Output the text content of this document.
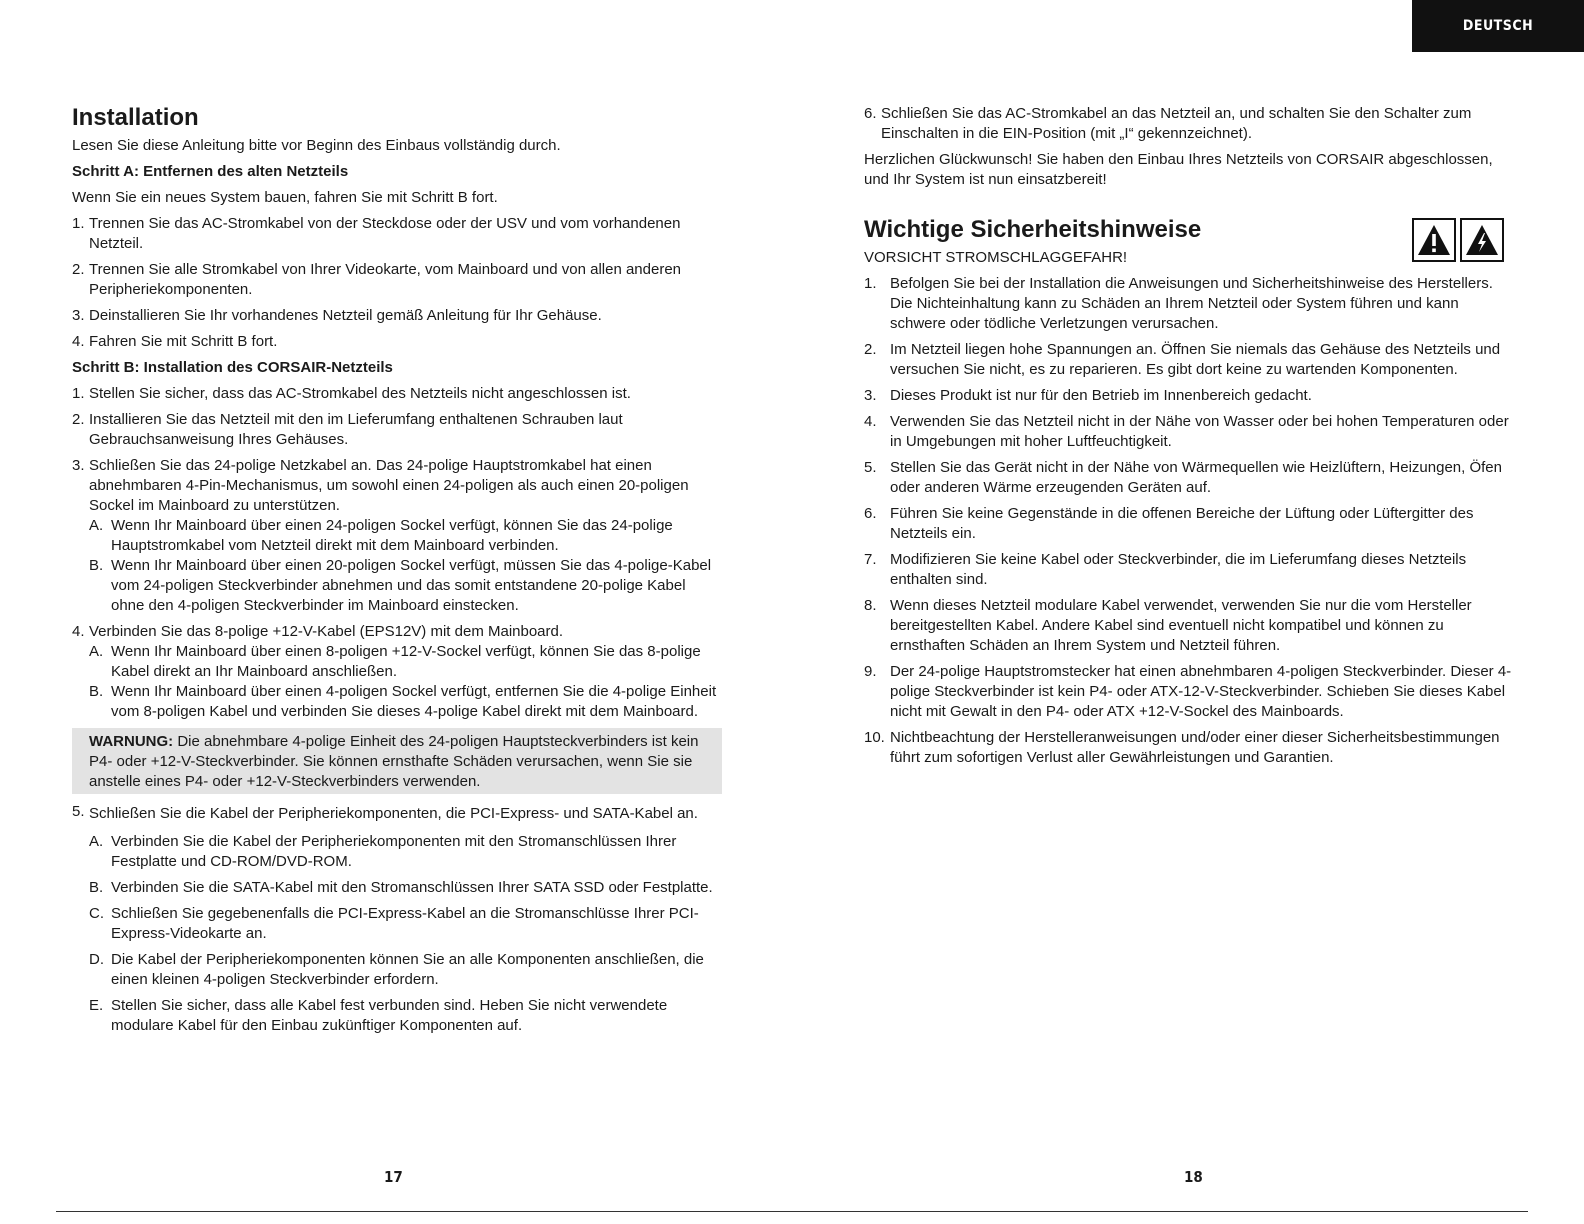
DEUTSCH
Installation

Lesen Sie diese Anleitung bitte vor Beginn des Einbaus vollständig durch.

Schritt A: Entfernen des alten Netzteils

Wenn Sie ein neues System bauen, fahren Sie mit Schritt B fort.

1. Trennen Sie das AC-Stromkabel von der Steckdose oder der USV und vom vorhandenen Netzteil.
2. Trennen Sie alle Stromkabel von Ihrer Videokarte, vom Mainboard und von allen anderen Peripheriekomponenten.
3. Deinstallieren Sie Ihr vorhandenes Netzteil gemäß Anleitung für Ihr Gehäuse.
4. Fahren Sie mit Schritt B fort.

Schritt B: Installation des CORSAIR-Netzteils

1. Stellen Sie sicher, dass das AC-Stromkabel des Netzteils nicht angeschlossen ist.
2. Installieren Sie das Netzteil mit den im Lieferumfang enthaltenen Schrauben laut Gebrauchsanweisung Ihres Gehäuses.
3. Schließen Sie das 24-polige Netzkabel an. Das 24-polige Hauptstromkabel hat einen abnehmbaren 4-Pin-Mechanismus, um sowohl einen 24-poligen als auch einen 20-poligen Sockel im Mainboard zu unterstützen.
A. Wenn Ihr Mainboard über einen 24-poligen Sockel verfügt, können Sie das 24-polige Hauptstromkabel vom Netzteil direkt mit dem Mainboard verbinden.
B. Wenn Ihr Mainboard über einen 20-poligen Sockel verfügt, müssen Sie das 4-polige-Kabel vom 24-poligen Steckverbinder abnehmen und das somit entstandene 20-polige Kabel ohne den 4-poligen Steckverbinder im Mainboard einstecken.
4. Verbinden Sie das 8-polige +12-V-Kabel (EPS12V) mit dem Mainboard.
A. Wenn Ihr Mainboard über einen 8-poligen +12-V-Sockel verfügt, können Sie das 8-polige Kabel direkt an Ihr Mainboard anschließen.
B. Wenn Ihr Mainboard über einen 4-poligen Sockel verfügt, entfernen Sie die 4-polige Einheit vom 8-poligen Kabel und verbinden Sie dieses 4-polige Kabel direkt mit dem Mainboard.
WARNUNG: Die abnehmbare 4-polige Einheit des 24-poligen Hauptsteckverbinders ist kein P4- oder +12-V-Steckverbinder. Sie können ernsthafte Schäden verursachen, wenn Sie sie anstelle eines P4- oder +12-V-Steckverbinders verwenden.
5. Schließen Sie die Kabel der Peripheriekomponenten, die PCI-Express- und SATA-Kabel an.
A. Verbinden Sie die Kabel der Peripheriekomponenten mit den Stromanschlüssen Ihrer Festplatte und CD-ROM/DVD-ROM.
B. Verbinden Sie die SATA-Kabel mit den Stromanschlüssen Ihrer SATA SSD oder Festplatte.
C. Schließen Sie gegebenenfalls die PCI-Express-Kabel an die Stromanschlüsse Ihrer PCI-Express-Videokarte an.
D. Die Kabel der Peripheriekomponenten können Sie an alle Komponenten anschließen, die einen kleinen 4-poligen Steckverbinder erfordern.
E. Stellen Sie sicher, dass alle Kabel fest verbunden sind. Heben Sie nicht verwendete modulare Kabel für den Einbau zukünftiger Komponenten auf.
6. Schließen Sie das AC-Stromkabel an das Netzteil an, und schalten Sie den Schalter zum Einschalten in die EIN-Position (mit „I“ gekennzeichnet).

Herzlichen Glückwunsch! Sie haben den Einbau Ihres Netzteils von CORSAIR abgeschlossen, und Ihr System ist nun einsatzbereit!

Wichtige Sicherheitshinweise

VORSICHT STROMSCHLAGGEFAHR!

1. Befolgen Sie bei der Installation die Anweisungen und Sicherheitshinweise des Herstellers. Die Nichteinhaltung kann zu Schäden an Ihrem Netzteil oder System führen und kann schwere oder tödliche Verletzungen verursachen.
2. Im Netzteil liegen hohe Spannungen an. Öffnen Sie niemals das Gehäuse des Netzteils und versuchen Sie nicht, es zu reparieren. Es gibt dort keine zu wartenden Komponenten.
3. Dieses Produkt ist nur für den Betrieb im Innenbereich gedacht.
4. Verwenden Sie das Netzteil nicht in der Nähe von Wasser oder bei hohen Temperaturen oder in Umgebungen mit hoher Luftfeuchtigkeit.
5. Stellen Sie das Gerät nicht in der Nähe von Wärmequellen wie Heizlüftern, Heizungen, Öfen oder anderen Wärme erzeugenden Geräten auf.
6. Führen Sie keine Gegenstände in die offenen Bereiche der Lüftung oder Lüftergitter des Netzteils ein.
7. Modifizieren Sie keine Kabel oder Steckverbinder, die im Lieferumfang dieses Netzteils enthalten sind.
8. Wenn dieses Netzteil modulare Kabel verwendet, verwenden Sie nur die vom Hersteller bereitgestellten Kabel. Andere Kabel sind eventuell nicht kompatibel und können zu ernsthaften Schäden an Ihrem System und Netzteil führen.
9. Der 24-polige Hauptstromstecker hat einen abnehmbaren 4-poligen Steckverbinder. Dieser 4-polige Steckverbinder ist kein P4- oder ATX-12-V-Steckverbinder. Schieben Sie dieses Kabel nicht mit Gewalt in den P4- oder ATX +12-V-Sockel des Mainboards.
10. Nichtbeachtung der Herstelleranweisungen und/oder einer dieser Sicherheitsbestimmungen führt zum sofortigen Verlust aller Gewährleistungen und Garantien.
17	18
